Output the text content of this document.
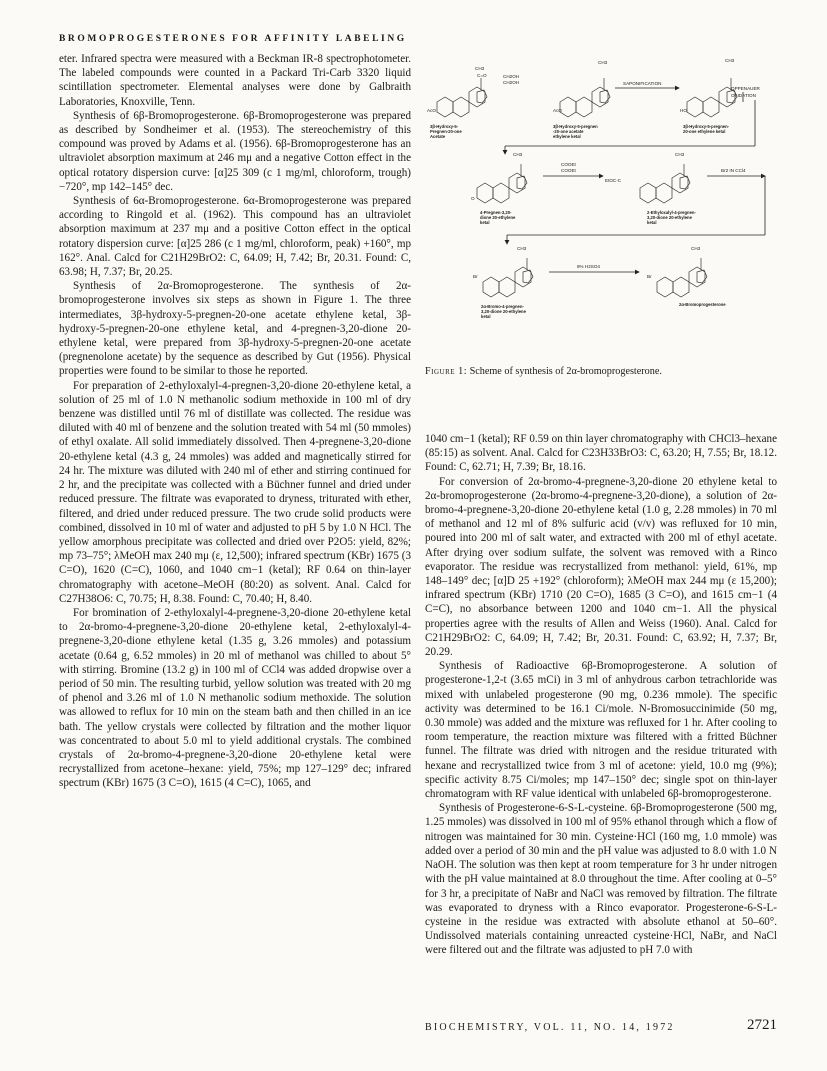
BROMOPROGESTERONES FOR AFFINITY LABELING

eter. Infrared spectra were measured with a Beckman IR-8 spectrophotometer. The labeled compounds were counted in a Packard Tri-Carb 3320 liquid scintillation spectrometer. Elemental analyses were done by Galbraith Laboratories, Knoxville, Tenn.

Synthesis of 6β-Bromoprogesterone. 6β-Bromoprogesterone was prepared as described by Sondheimer et al. (1953). The stereochemistry of this compound was proved by Adams et al. (1956). 6β-Bromoprogesterone has an ultraviolet absorption maximum at 246 mμ and a negative Cotton effect in the optical rotatory dispersion curve: [α]25 309 (c 1 mg/ml, chloroform, trough) −720°, mp 142–145° dec.

Synthesis of 6α-Bromoprogesterone. 6α-Bromoprogesterone was prepared according to Ringold et al. (1962). This compound has an ultraviolet absorption maximum at 237 mμ and a positive Cotton effect in the optical rotatory dispersion curve: [α]25 286 (c 1 mg/ml, chloroform, peak) +160°, mp 162°. Anal. Calcd for C21H29BrO2: C, 64.09; H, 7.42; Br, 20.31. Found: C, 63.98; H, 7.37; Br, 20.25.

Synthesis of 2α-Bromoprogesterone. The synthesis of 2α-bromoprogesterone involves six steps as shown in Figure 1. The three intermediates, 3β-hydroxy-5-pregnen-20-one acetate ethylene ketal, 3β-hydroxy-5-pregnen-20-one ethylene ketal, and 4-pregnen-3,20-dione 20-ethylene ketal, were prepared from 3β-hydroxy-5-pregnen-20-one acetate (pregnenolone acetate) by the sequence as described by Gut (1956). Physical properties were found to be similar to those he reported.

For preparation of 2-ethyloxalyl-4-pregnen-3,20-dione 20-ethylene ketal, a solution of 25 ml of 1.0 N methanolic sodium methoxide in 100 ml of dry benzene was distilled until 76 ml of distillate was collected. The residue was diluted with 40 ml of benzene and the solution treated with 54 ml (50 mmoles) of ethyl oxalate. All solid immediately dissolved. Then 4-pregnene-3,20-dione 20-ethylene ketal (4.3 g, 24 mmoles) was added and magnetically stirred for 24 hr. The mixture was diluted with 240 ml of ether and stirring continued for 2 hr, and the precipitate was collected with a Büchner funnel and dried under reduced pressure. The filtrate was evaporated to dryness, triturated with ether, filtered, and dried under reduced pressure. The two crude solid products were combined, dissolved in 10 ml of water and adjusted to pH 5 by 1.0 N HCl. The yellow amorphous precipitate was collected and dried over P2O5: yield, 82%; mp 73–75°; λMeOH max 240 mμ (ε, 12,500); infrared spectrum (KBr) 1675 (3 C=O), 1620 (C=C), 1060, and 1040 cm−1 (ketal); RF 0.64 on thin-layer chromatography with acetone–MeOH (80:20) as solvent. Anal. Calcd for C27H38O6: C, 70.75; H, 8.38. Found: C, 70.40; H, 8.40.

For bromination of 2-ethyloxalyl-4-pregnene-3,20-dione 20-ethylene ketal to 2α-bromo-4-pregnene-3,20-dione 20-ethylene ketal, 2-ethyloxalyl-4-pregnene-3,20-dione ethylene ketal (1.35 g, 3.26 mmoles) and potassium acetate (0.64 g, 6.52 mmoles) in 20 ml of methanol was chilled to about 5° with stirring. Bromine (13.2 g) in 100 ml of CCl4 was added dropwise over a period of 50 min. The resulting turbid, yellow solution was treated with 20 mg of phenol and 3.26 ml of 1.0 N methanolic sodium methoxide. The solution was allowed to reflux for 10 min on the steam bath and then chilled in an ice bath. The yellow crystals were collected by filtration and the mother liquor was concentrated to about 5.0 ml to yield additional crystals. The combined crystals of 2α-bromo-4-pregnene-3,20-dione 20-ethylene ketal were recrystallized from acetone–hexane: yield, 75%; mp 127–129° dec; infrared spectrum (KBr) 1675 (3 C=O), 1615 (4 C=C), 1065, and

CH3
C=O
AcO
3β-Hydroxy-5-
Pregnen-20-one
Acetate
CH2OH
CH2OH
CH3
AcO
3β-Hydroxy-5-pregnen
-20-one acetate
ethylene ketal
SAPONIFICATION
CH3
HO
3β-Hydroxy-5-pregnen-
20-one ethylene ketal
OPPENAUER
OXIDATION
CH3
O
4-Pregnen-3,20-
dione 20-ethylene
ketal
COOEt
COOEt
CH3
EtOC-C
2-Ethyloxalyl-4-pregnen-
3,20-dione 20-ethylene
ketal
Br2 IN CCl4
CH3
Br
2α-Bromo-4-pregnen-
3,20-dione 20-ethylene
ketal
8% H2SO4
CH3
Br
2α-Bromoprogesterone
Figure 1: Scheme of synthesis of 2α-bromoprogesterone.

1040 cm−1 (ketal); RF 0.59 on thin layer chromatography with CHCl3–hexane (85:15) as solvent. Anal. Calcd for C23H33BrO3: C, 63.20; H, 7.55; Br, 18.12. Found: C, 62.71; H, 7.39; Br, 18.16.

For conversion of 2α-bromo-4-pregnene-3,20-dione 20 ethylene ketal to 2α-bromoprogesterone (2α-bromo-4-pregnene-3,20-dione), a solution of 2α-bromo-4-pregnene-3,20-dione 20-ethylene ketal (1.0 g, 2.28 mmoles) in 70 ml of methanol and 12 ml of 8% sulfuric acid (v/v) was refluxed for 10 min, poured into 200 ml of salt water, and extracted with 200 ml of ethyl acetate. After drying over sodium sulfate, the solvent was removed with a Rinco evaporator. The residue was recrystallized from methanol: yield, 61%, mp 148–149° dec; [α]D 25 +192° (chloroform); λMeOH max 244 mμ (ε 15,200); infrared spectrum (KBr) 1710 (20 C=O), 1685 (3 C=O), and 1615 cm−1 (4 C=C), no absorbance between 1200 and 1040 cm−1. All the physical properties agree with the results of Allen and Weiss (1960). Anal. Calcd for C21H29BrO2: C, 64.09; H, 7.42; Br, 20.31. Found: C, 63.92; H, 7.37; Br, 20.29.

Synthesis of Radioactive 6β-Bromoprogesterone. A solution of progesterone-1,2-t (3.65 mCi) in 3 ml of anhydrous carbon tetrachloride was mixed with unlabeled progesterone (90 mg, 0.236 mmole). The specific activity was determined to be 16.1 Ci/mole. N-Bromosuccinimide (50 mg, 0.30 mmole) was added and the mixture was refluxed for 1 hr. After cooling to room temperature, the reaction mixture was filtered with a fritted Büchner funnel. The filtrate was dried with nitrogen and the residue triturated with hexane and recrystallized twice from 3 ml of acetone: yield, 10.0 mg (9%); specific activity 8.75 Ci/moles; mp 147–150° dec; single spot on thin-layer chromatogram with RF value identical with unlabeled 6β-bromoprogesterone.

Synthesis of Progesterone-6-S-L-cysteine. 6β-Bromoprogesterone (500 mg, 1.25 mmoles) was dissolved in 100 ml of 95% ethanol through which a flow of nitrogen was maintained for 30 min. Cysteine·HCl (160 mg, 1.0 mmole) was added over a period of 30 min and the pH value was adjusted to 8.0 with 1.0 N NaOH. The solution was then kept at room temperature for 3 hr under nitrogen with the pH value maintained at 8.0 throughout the time. After cooling at 0–5° for 3 hr, a precipitate of NaBr and NaCl was removed by filtration. The filtrate was evaporated to dryness with a Rinco evaporator. Progesterone-6-S-L-cysteine in the residue was extracted with absolute ethanol at 50–60°. Undissolved materials containing unreacted cysteine·HCl, NaBr, and NaCl were filtered out and the filtrate was adjusted to pH 7.0 with

BIOCHEMISTRY, VOL. 11, NO. 14, 1972	2721
